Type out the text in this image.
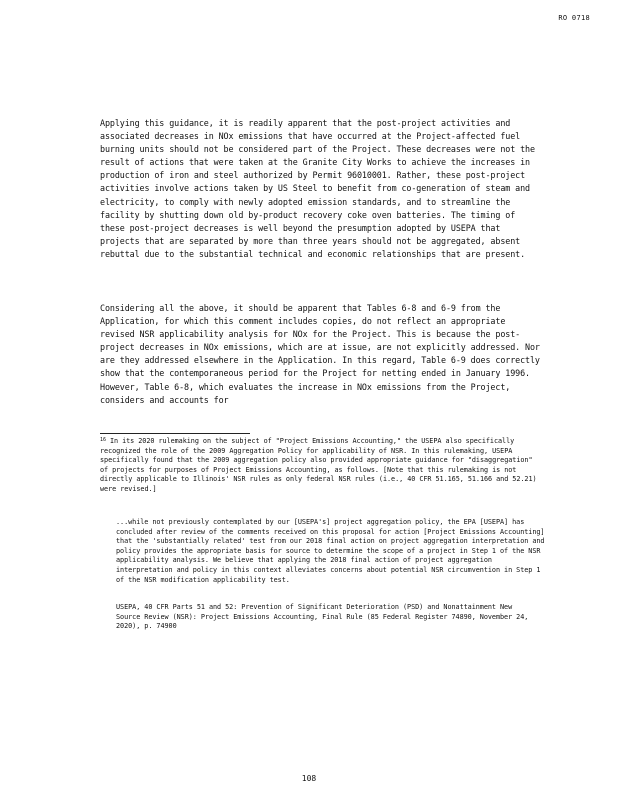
RO 0718

Applying this guidance, it is readily apparent that the post-project activities and associated decreases in NOx emissions that have occurred at the Project-affected fuel burning units should not be considered part of the Project. These decreases were not the result of actions that were taken at the Granite City Works to achieve the increases in production of iron and steel authorized by Permit 96010001. Rather, these post-project activities involve actions taken by US Steel to benefit from co-generation of steam and electricity, to comply with newly adopted emission standards, and to streamline the facility by shutting down old by-product recovery coke oven batteries. The timing of these post-project decreases is well beyond the presumption adopted by USEPA that projects that are separated by more than three years should not be aggregated, absent rebuttal due to the substantial technical and economic relationships that are present.

Considering all the above, it should be apparent that Tables 6-8 and 6-9 from the Application, for which this comment includes copies, do not reflect an appropriate revised NSR applicability analysis for NOx for the Project. This is because the post-project decreases in NOx emissions, which are at issue, are not explicitly addressed. Nor are they addressed elsewhere in the Application. In this regard, Table 6-9 does correctly show that the contemporaneous period for the Project for netting ended in January 1996. However, Table 6-8, which evaluates the increase in NOx emissions from the Project, considers and accounts for

$^{16}$ In its 2020 rulemaking on the subject of "Project Emissions Accounting," the USEPA also specifically recognized the role of the 2009 Aggregation Policy for applicability of NSR. In this rulemaking, USEPA specifically found that the 2009 aggregation policy also provided appropriate guidance for "disaggregation" of projects for purposes of Project Emissions Accounting, as follows. [Note that this rulemaking is not directly applicable to Illinois' NSR rules as only federal NSR rules (i.e., 40 CFR 51.165, 51.166 and 52.21) were revised.]

...while not previously contemplated by our [USEPA's] project aggregation policy, the EPA [USEPA] has concluded after review of the comments received on this proposal for action [Project Emissions Accounting] that the 'substantially related' test from our 2018 final action on project aggregation interpretation and policy provides the appropriate basis for source to determine the scope of a project in Step 1 of the NSR applicability analysis. We believe that applying the 2018 final action of project aggregation interpretation and policy in this context alleviates concerns about potential NSR circumvention in Step 1 of the NSR modification applicability test.

USEPA, 40 CFR Parts 51 and 52: Prevention of Significant Deterioration (PSD) and Nonattainment New Source Review (NSR): Project Emissions Accounting, Final Rule (85 Federal Register 74890, November 24, 2020), p. 74900

108
